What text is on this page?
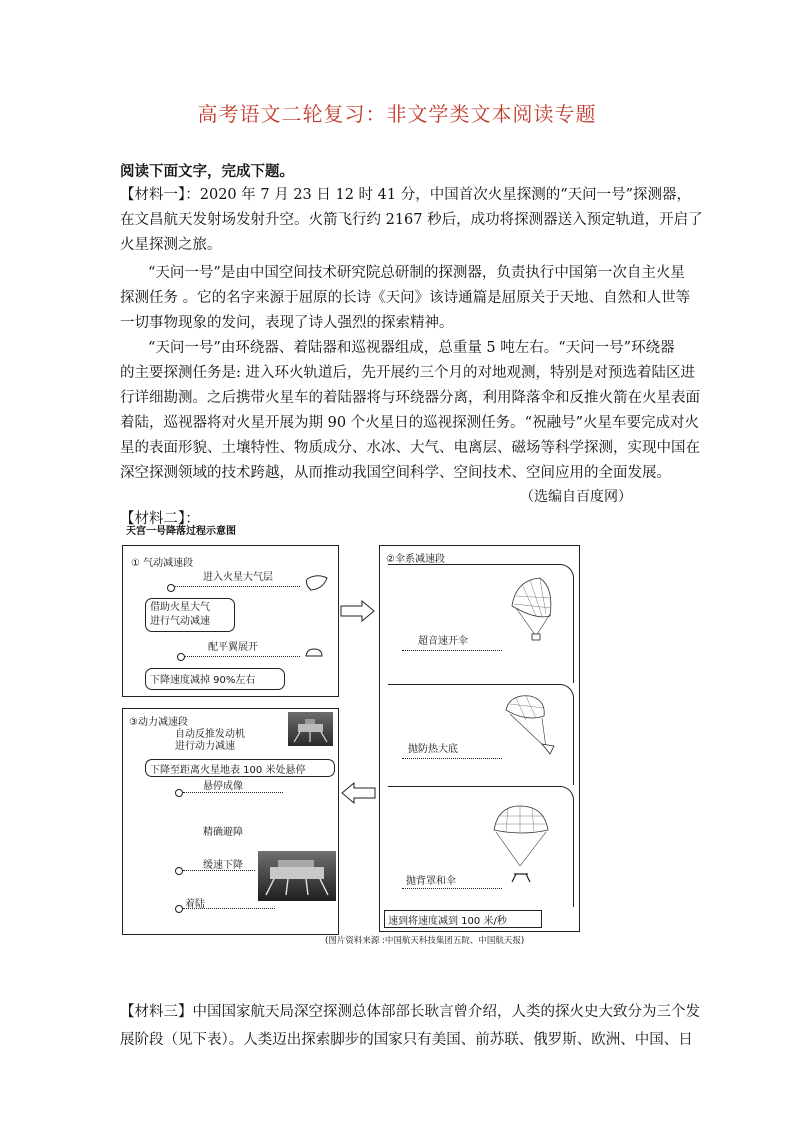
高考语文二轮复习：非文学类文本阅读专题
阅读下面文字，完成下题。
【材料一】：2020 年 7 月 23 日 12 时 41 分，中国首次火星探测的“天问一号”探测器，
在文昌航天发射场发射升空。火箭飞行约 2167 秒后，成功将探测器送入预定轨道，开启了
火星探测之旅。
“天问一号”是由中国空间技术研究院总研制的探测器，负责执行中国第一次自主火星
探测任务 。它的名字来源于屈原的长诗《天问》该诗通篇是屈原关于天地、自然和人世等
一切事物现象的发问，表现了诗人强烈的探索精神。
“天问一号”由环绕器、着陆器和巡视器组成，总重量 5 吨左右。“天问一号”环绕器
的主要探测任务是: 进入环火轨道后，先开展约三个月的对地观测，特别是对预选着陆区进
行详细勘测。之后携带火星车的着陆器将与环绕器分离，利用降落伞和反推火箭在火星表面
着陆，巡视器将对火星开展为期 90 个火星日的巡视探测任务。“祝融号”火星车要完成对火
星的表面形貌、土壤特性、物质成分、水冰、大气、电离层、磁场等科学探测，实现中国在
深空探测领域的技术跨越，从而推动我国空间科学、空间技术、空间应用的全面发展。
（选编自百度网）
【材料二】：
天宫一号降落过程示意图
① 气动减速段
进入火星大气层
借助火星大气
进行气动减速
配平翼展开
下降速度减掉 90%左右
②伞系减速段
超音速开伞
抛防热大底
抛背罩和伞
速到将速度减到 100 米/秒
③动力减速段
自动反推发动机
进行动力减速
下降至距离火星地表 100 米处悬停
悬停成像
精确避障
缓速下降
着陆
(图片资料来源 :中国航天科技集团五院、中国航天报)
【材料三】中国国家航天局深空探测总体部部长耿言曾介绍，人类的探火史大致分为三个发
展阶段（见下表）。人类迈出探索脚步的国家只有美国、前苏联、俄罗斯、欧洲、中国、日
